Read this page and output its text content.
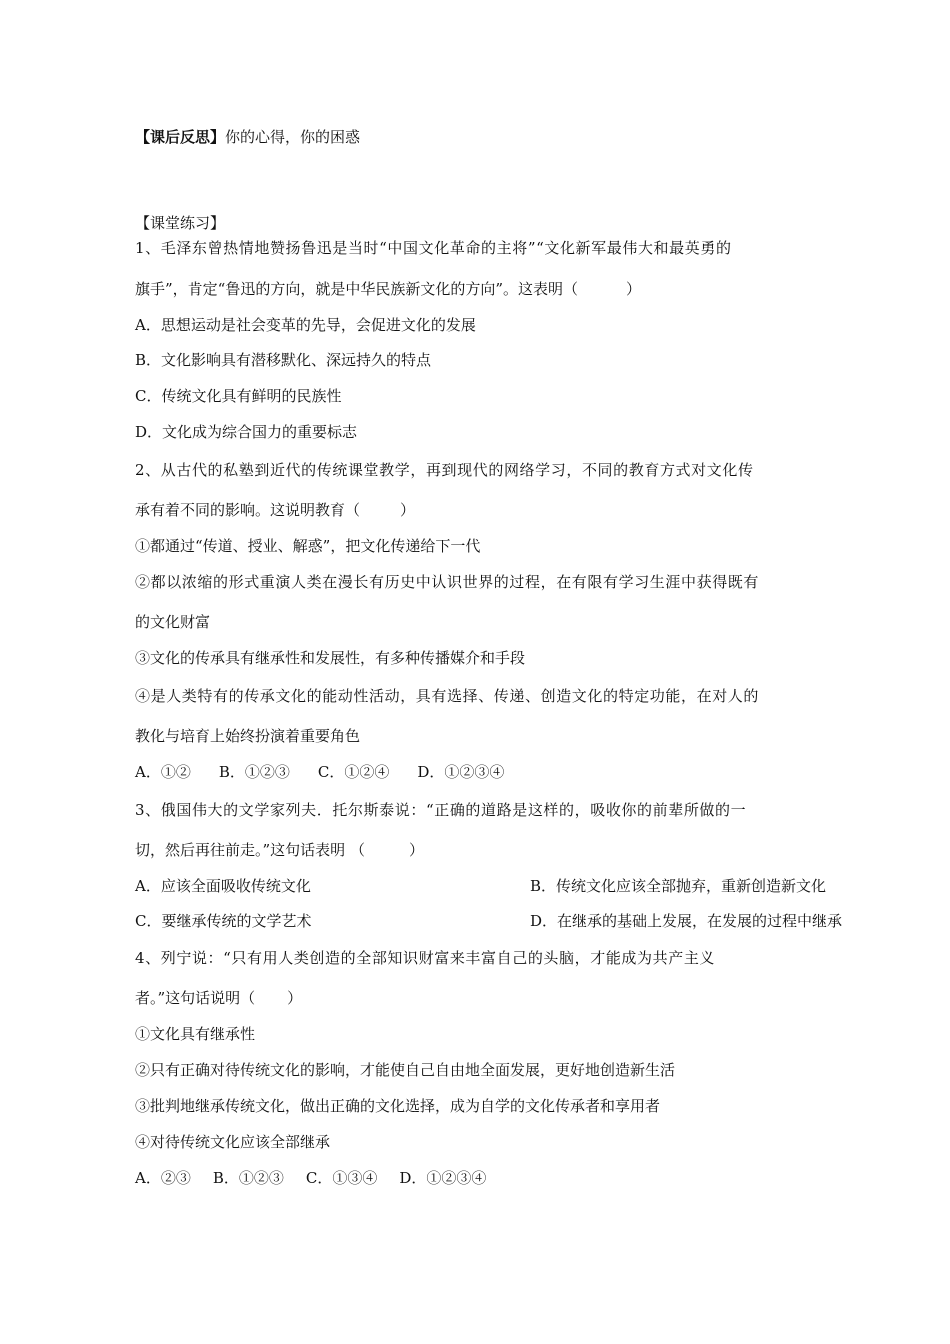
【课后反思】你的心得，你的困惑
【课堂练习】
1、毛泽东曾热情地赞扬鲁迅是当时“中国文化革命的主将”“文化新军最伟大和最英勇的
旗手”，肯定“鲁迅的方向，就是中华民族新文化的方向”。这表明（	）
A．思想运动是社会变革的先导，会促进文化的发展
B．文化影响具有潜移默化、深远持久的特点
C．传统文化具有鲜明的民族性
D．文化成为综合国力的重要标志
2、从古代的私塾到近代的传统课堂教学，再到现代的网络学习，不同的教育方式对文化传
承有着不同的影响。这说明教育（	）
①都通过“传道、授业、解惑”，把文化传递给下一代
②都以浓缩的形式重演人类在漫长有历史中认识世界的过程，在有限有学习生涯中获得既有
的文化财富
③文化的传承具有继承性和发展性，有多种传播媒介和手段
④是人类特有的传承文化的能动性活动，具有选择、传递、创造文化的特定功能，在对人的
教化与培育上始终扮演着重要角色
A．①② B．①②③ C．①②④ D．①②③④
3、俄国伟大的文学家列夫．托尔斯泰说：“正确的道路是这样的，吸收你的前辈所做的一
切，然后再往前走。”这句话表明 （	）
A．应该全面吸收传统文化	B．传统文化应该全部抛弃，重新创造新文化
C．要继承传统的文学艺术	D．在继承的基础上发展，在发展的过程中继承
4、列宁说：“只有用人类创造的全部知识财富来丰富自己的头脑，才能成为共产主义
者。”这句话说明（ ）
①文化具有继承性
②只有正确对待传统文化的影响，才能使自己自由地全面发展，更好地创造新生活
③批判地继承传统文化，做出正确的文化选择，成为自学的文化传承者和享用者
④对待传统文化应该全部继承
A．②③ B．①②③ C．①③④ D．①②③④
